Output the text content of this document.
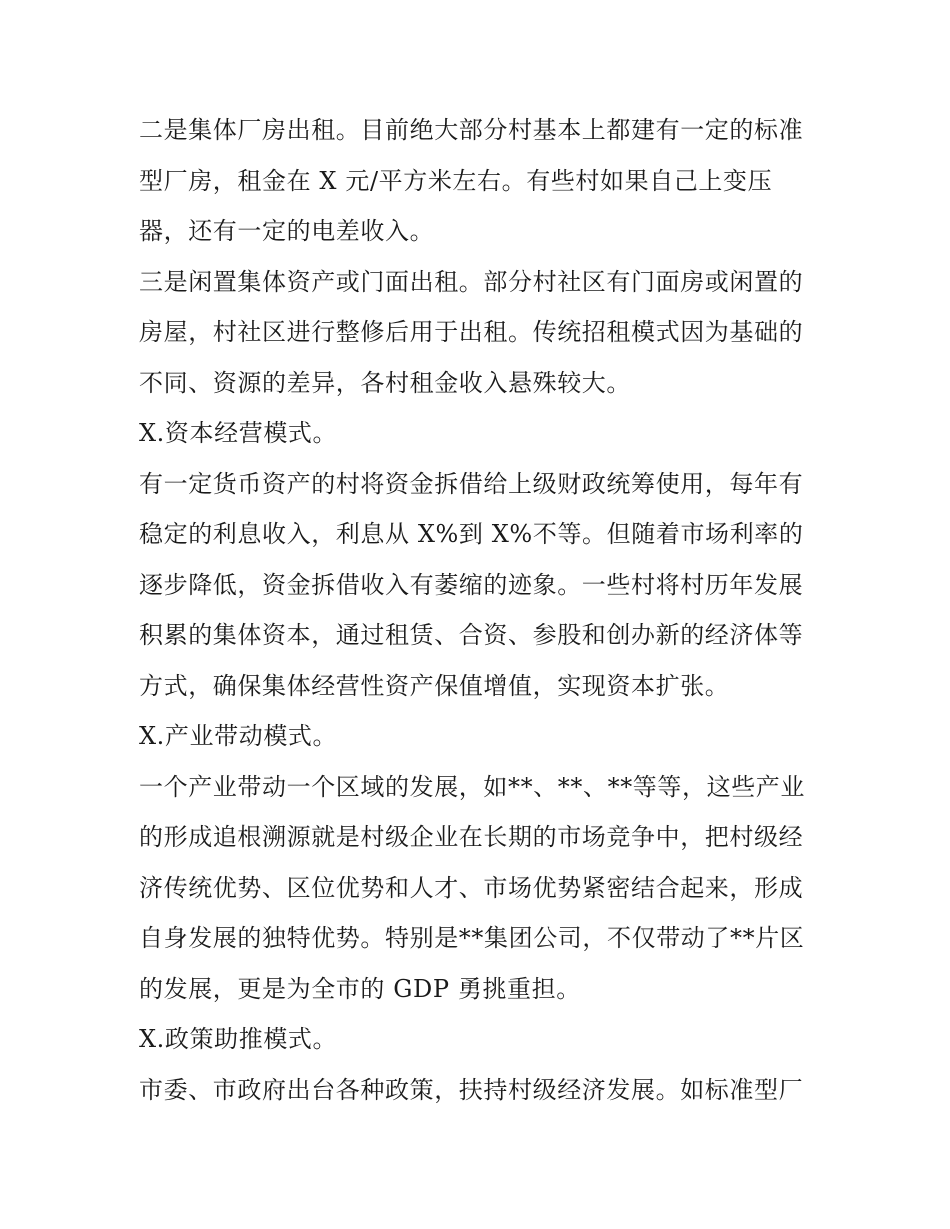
二是集体厂房出租。目前绝大部分村基本上都建有一定的标准
型厂房，租金在 X 元/平方米左右。有些村如果自己上变压
器，还有一定的电差收入。
三是闲置集体资产或门面出租。部分村社区有门面房或闲置的
房屋，村社区进行整修后用于出租。传统招租模式因为基础的
不同、资源的差异，各村租金收入悬殊较大。
X.资本经营模式。
有一定货币资产的村将资金拆借给上级财政统筹使用，每年有
稳定的利息收入，利息从 X%到 X%不等。但随着市场利率的
逐步降低，资金拆借收入有萎缩的迹象。一些村将村历年发展
积累的集体资本，通过租赁、合资、参股和创办新的经济体等
方式，确保集体经营性资产保值增值，实现资本扩张。
X.产业带动模式。
一个产业带动一个区域的发展，如**、**、**等等，这些产业
的形成追根溯源就是村级企业在长期的市场竞争中，把村级经
济传统优势、区位优势和人才、市场优势紧密结合起来，形成
自身发展的独特优势。特别是**集团公司，不仅带动了**片区
的发展，更是为全市的 GDP 勇挑重担。
X.政策助推模式。
市委、市政府出台各种政策，扶持村级经济发展。如标准型厂
